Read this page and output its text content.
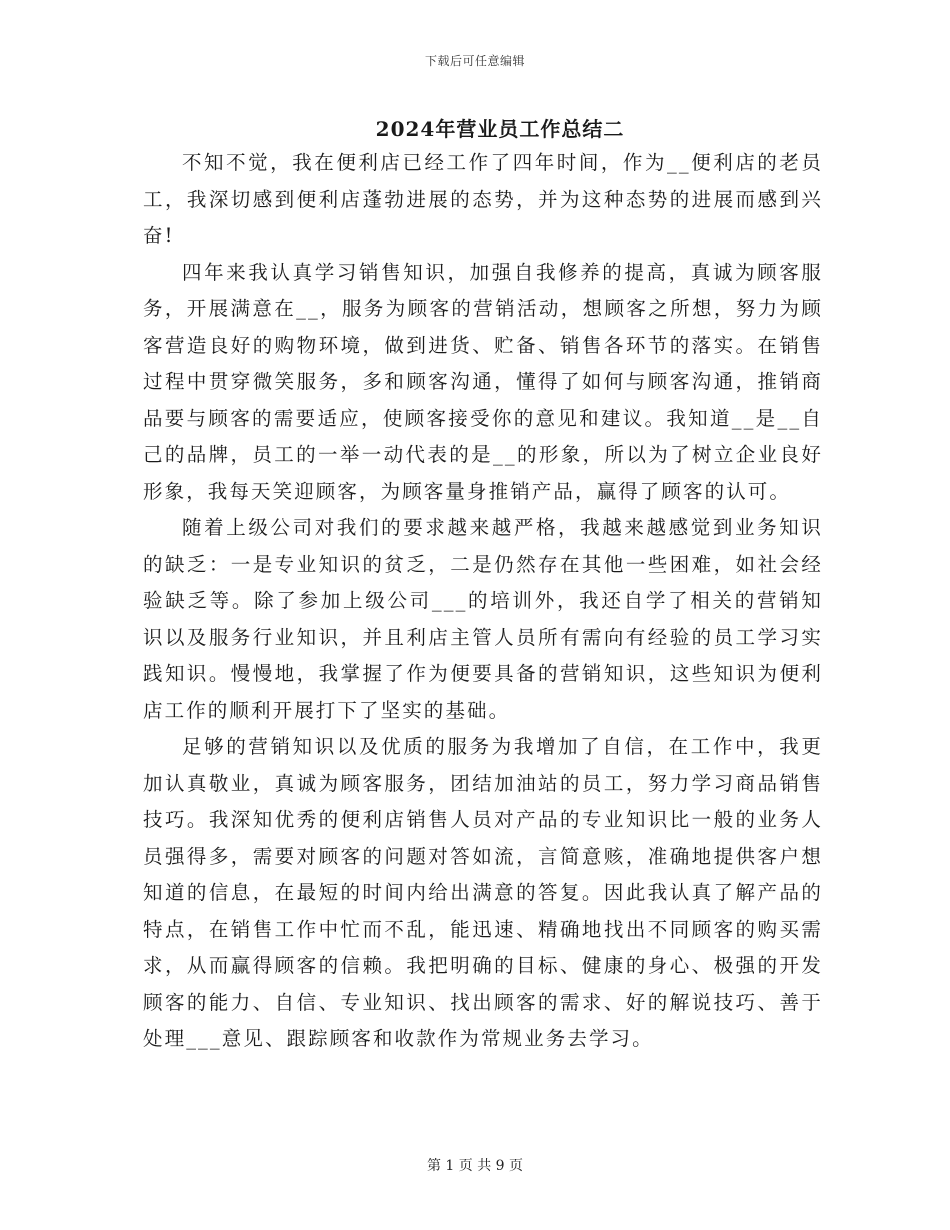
下载后可任意编辑
2024年营业员工作总结二

不知不觉，我在便利店已经工作了四年时间，作为__便利店的老员工，我深切感到便利店蓬勃进展的态势，并为这种态势的进展而感到兴奋!

四年来我认真学习销售知识，加强自我修养的提高，真诚为顾客服务，开展满意在__，服务为顾客的营销活动，想顾客之所想，努力为顾客营造良好的购物环境，做到进货、贮备、销售各环节的落实。在销售过程中贯穿微笑服务，多和顾客沟通，懂得了如何与顾客沟通，推销商品要与顾客的需要适应，使顾客接受你的意见和建议。我知道__是__自己的品牌，员工的一举一动代表的是__的形象，所以为了树立企业良好形象，我每天笑迎顾客，为顾客量身推销产品，赢得了顾客的认可。

随着上级公司对我们的要求越来越严格，我越来越感觉到业务知识的缺乏：一是专业知识的贫乏，二是仍然存在其他一些困难，如社会经验缺乏等。除了参加上级公司___的培训外，我还自学了相关的营销知识以及服务行业知识，并且利店主管人员所有需向有经验的员工学习实践知识。慢慢地，我掌握了作为便要具备的营销知识，这些知识为便利店工作的顺利开展打下了坚实的基础。

足够的营销知识以及优质的服务为我增加了自信，在工作中，我更加认真敬业，真诚为顾客服务，团结加油站的员工，努力学习商品销售技巧。我深知优秀的便利店销售人员对产品的专业知识比一般的业务人员强得多，需要对顾客的问题对答如流，言简意赅，准确地提供客户想知道的信息，在最短的时间内给出满意的答复。因此我认真了解产品的特点，在销售工作中忙而不乱，能迅速、精确地找出不同顾客的购买需求，从而赢得顾客的信赖。我把明确的目标、健康的身心、极强的开发顾客的能力、自信、专业知识、找出顾客的需求、好的解说技巧、善于处理___意见、跟踪顾客和收款作为常规业务去学习。

第 1 页 共 9 页
